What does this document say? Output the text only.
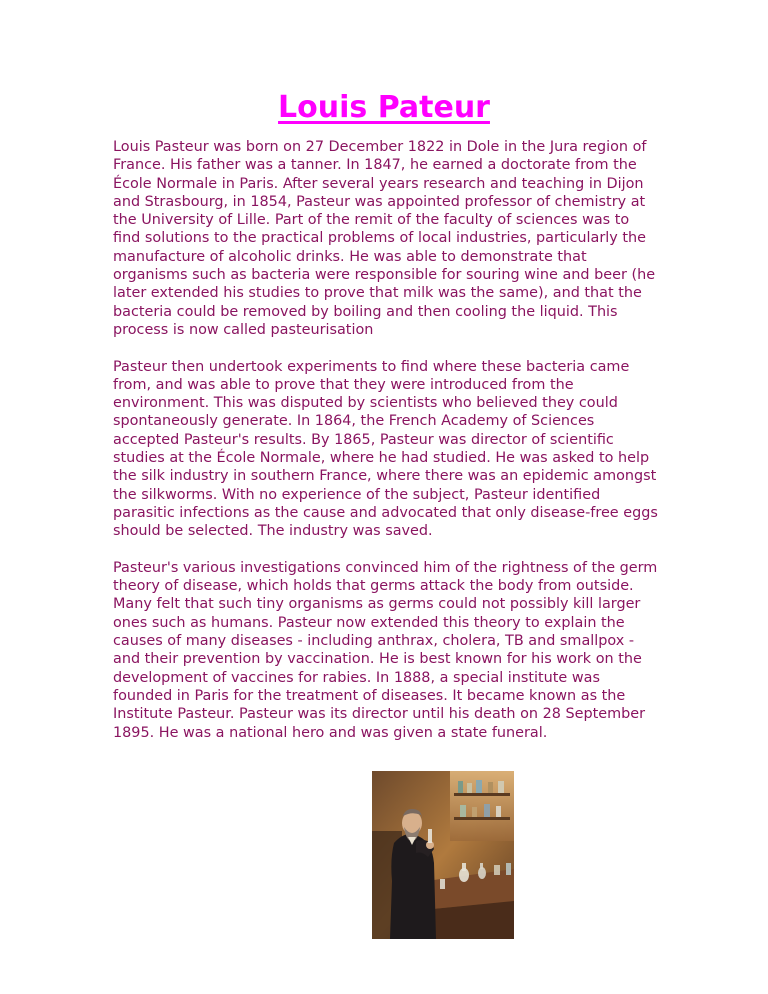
Louis Pateur

Louis Pasteur was born on 27 December 1822 in Dole in the Jura region of France. His father was a tanner. In 1847, he earned a doctorate from the École Normale in Paris. After several years research and teaching in Dijon and Strasbourg, in 1854, Pasteur was appointed professor of chemistry at the University of Lille. Part of the remit of the faculty of sciences was to find solutions to the practical problems of local industries, particularly the manufacture of alcoholic drinks. He was able to demonstrate that organisms such as bacteria were responsible for souring wine and beer (he later extended his studies to prove that milk was the same), and that the bacteria could be removed by boiling and then cooling the liquid. This process is now called pasteurisation

Pasteur then undertook experiments to find where these bacteria came from, and was able to prove that they were introduced from the environment. This was disputed by scientists who believed they could spontaneously generate. In 1864, the French Academy of Sciences accepted Pasteur's results. By 1865, Pasteur was director of scientific studies at the École Normale, where he had studied. He was asked to help the silk industry in southern France, where there was an epidemic amongst the silkworms. With no experience of the subject, Pasteur identified parasitic infections as the cause and advocated that only disease-free eggs should be selected. The industry was saved.

Pasteur's various investigations convinced him of the rightness of the germ theory of disease, which holds that germs attack the body from outside. Many felt that such tiny organisms as germs could not possibly kill larger ones such as humans. Pasteur now extended this theory to explain the causes of many diseases - including anthrax, cholera, TB and smallpox - and their prevention by vaccination. He is best known for his work on the development of vaccines for rabies. In 1888, a special institute was founded in Paris for the treatment of diseases. It became known as the Institute Pasteur. Pasteur was its director until his death on 28 September 1895. He was a national hero and was given a state funeral.
